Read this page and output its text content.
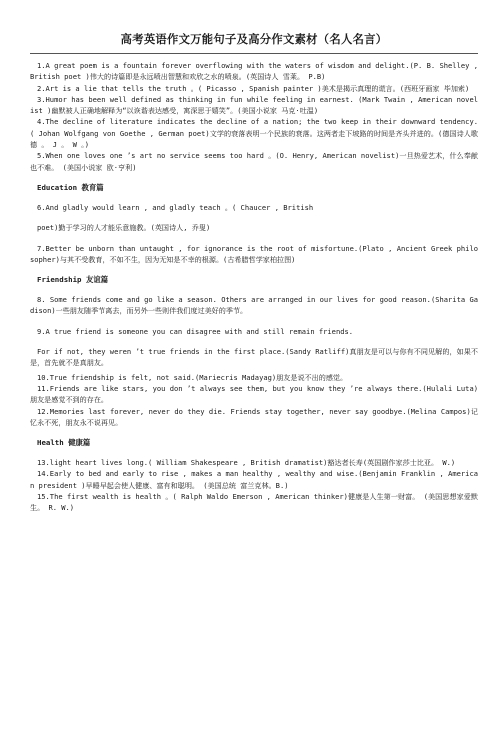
高考英语作文万能句子及高分作文素材（名人名言）

1.A great poem is a fountain forever overflowing with the waters of wisdom and delight.(P. B. Shelley , British poet )伟大的诗篇即是永远喷出智慧和欢欣之水的喷泉。(英国诗人 雪莱。 P.B)

2.Art is a lie that tells the truth 。( Picasso , Spanish painter )美术是揭示真理的谎言。(西班牙画家 毕加索)

3.Humor has been well defined as thinking in fun while feeling in earnest. (Mark Twain , American novelist )幽默被人正确地解释为“以诙谐表达感受，寓深思于嬉笑”。(美国小说家 马克·吐温)

4.The decline of literature indicates the decline of a nation; the two keep in their downward tendency.( Johan Wolfgang von Goethe , German poet)文学的衰落表明一个民族的衰落。这两者走下坡路的时间是齐头并进的。(德国诗人歌德 。 J 。 W 。)

5.When one loves one ’s art no service seems too hard 。(O. Henry, American novelist)一旦热爱艺术，什么奉献也不难。 (美国小说家 欧·亨利)

Education 教育篇

6.And gladly would learn , and gladly teach 。( Chaucer , British

poet)勤于学习的人才能乐意施教。(英国诗人, 乔叟)

7.Better be unborn than untaught , for ignorance is the root of misfortune.(Plato , Ancient Greek philosopher)与其不受教育，不如不生，因为无知是不幸的根源。(古希腊哲学家柏拉图)

Friendship 友谊篇

8. Some friends come and go like a season. Others are arranged in our lives for good reason.(Sharita Gadison)一些朋友随季节离去，而另外一些则伴我们度过美好的季节。

9.A true friend is someone you can disagree with and still remain friends.

For if not, they weren ’t true friends in the first place.(Sandy Ratliff)真朋友是可以与你有不同见解的，如果不是，首先就不是真朋友。

10.True friendship is felt, not said.(Mariecris Madayag)朋友是说不出的感觉。

11.Friends are like stars, you don ’t always see them, but you know they ’re always there.(Hulali Luta)朋友是感觉不到的存在。

12.Memories last forever, never do they die. Friends stay together, never say goodbye.(Melina Campos)记忆永不死，朋友永不说再见。

Health 健康篇

13.light heart lives long.( William Shakespeare , British dramatist)豁达者长寿(英国剧作家莎士比亚。 W.)

14.Early to bed and early to rise , makes a man healthy , wealthy and wise.(Benjamin Franklin , American president )早睡早起会使人健康、富有和聪明。 (美国总统 富兰克林。B.)

15.The first wealth is health 。( Ralph Waldo Emerson , American thinker)健康是人生第一财富。 (美国思想家爱默生。 R. W.)
